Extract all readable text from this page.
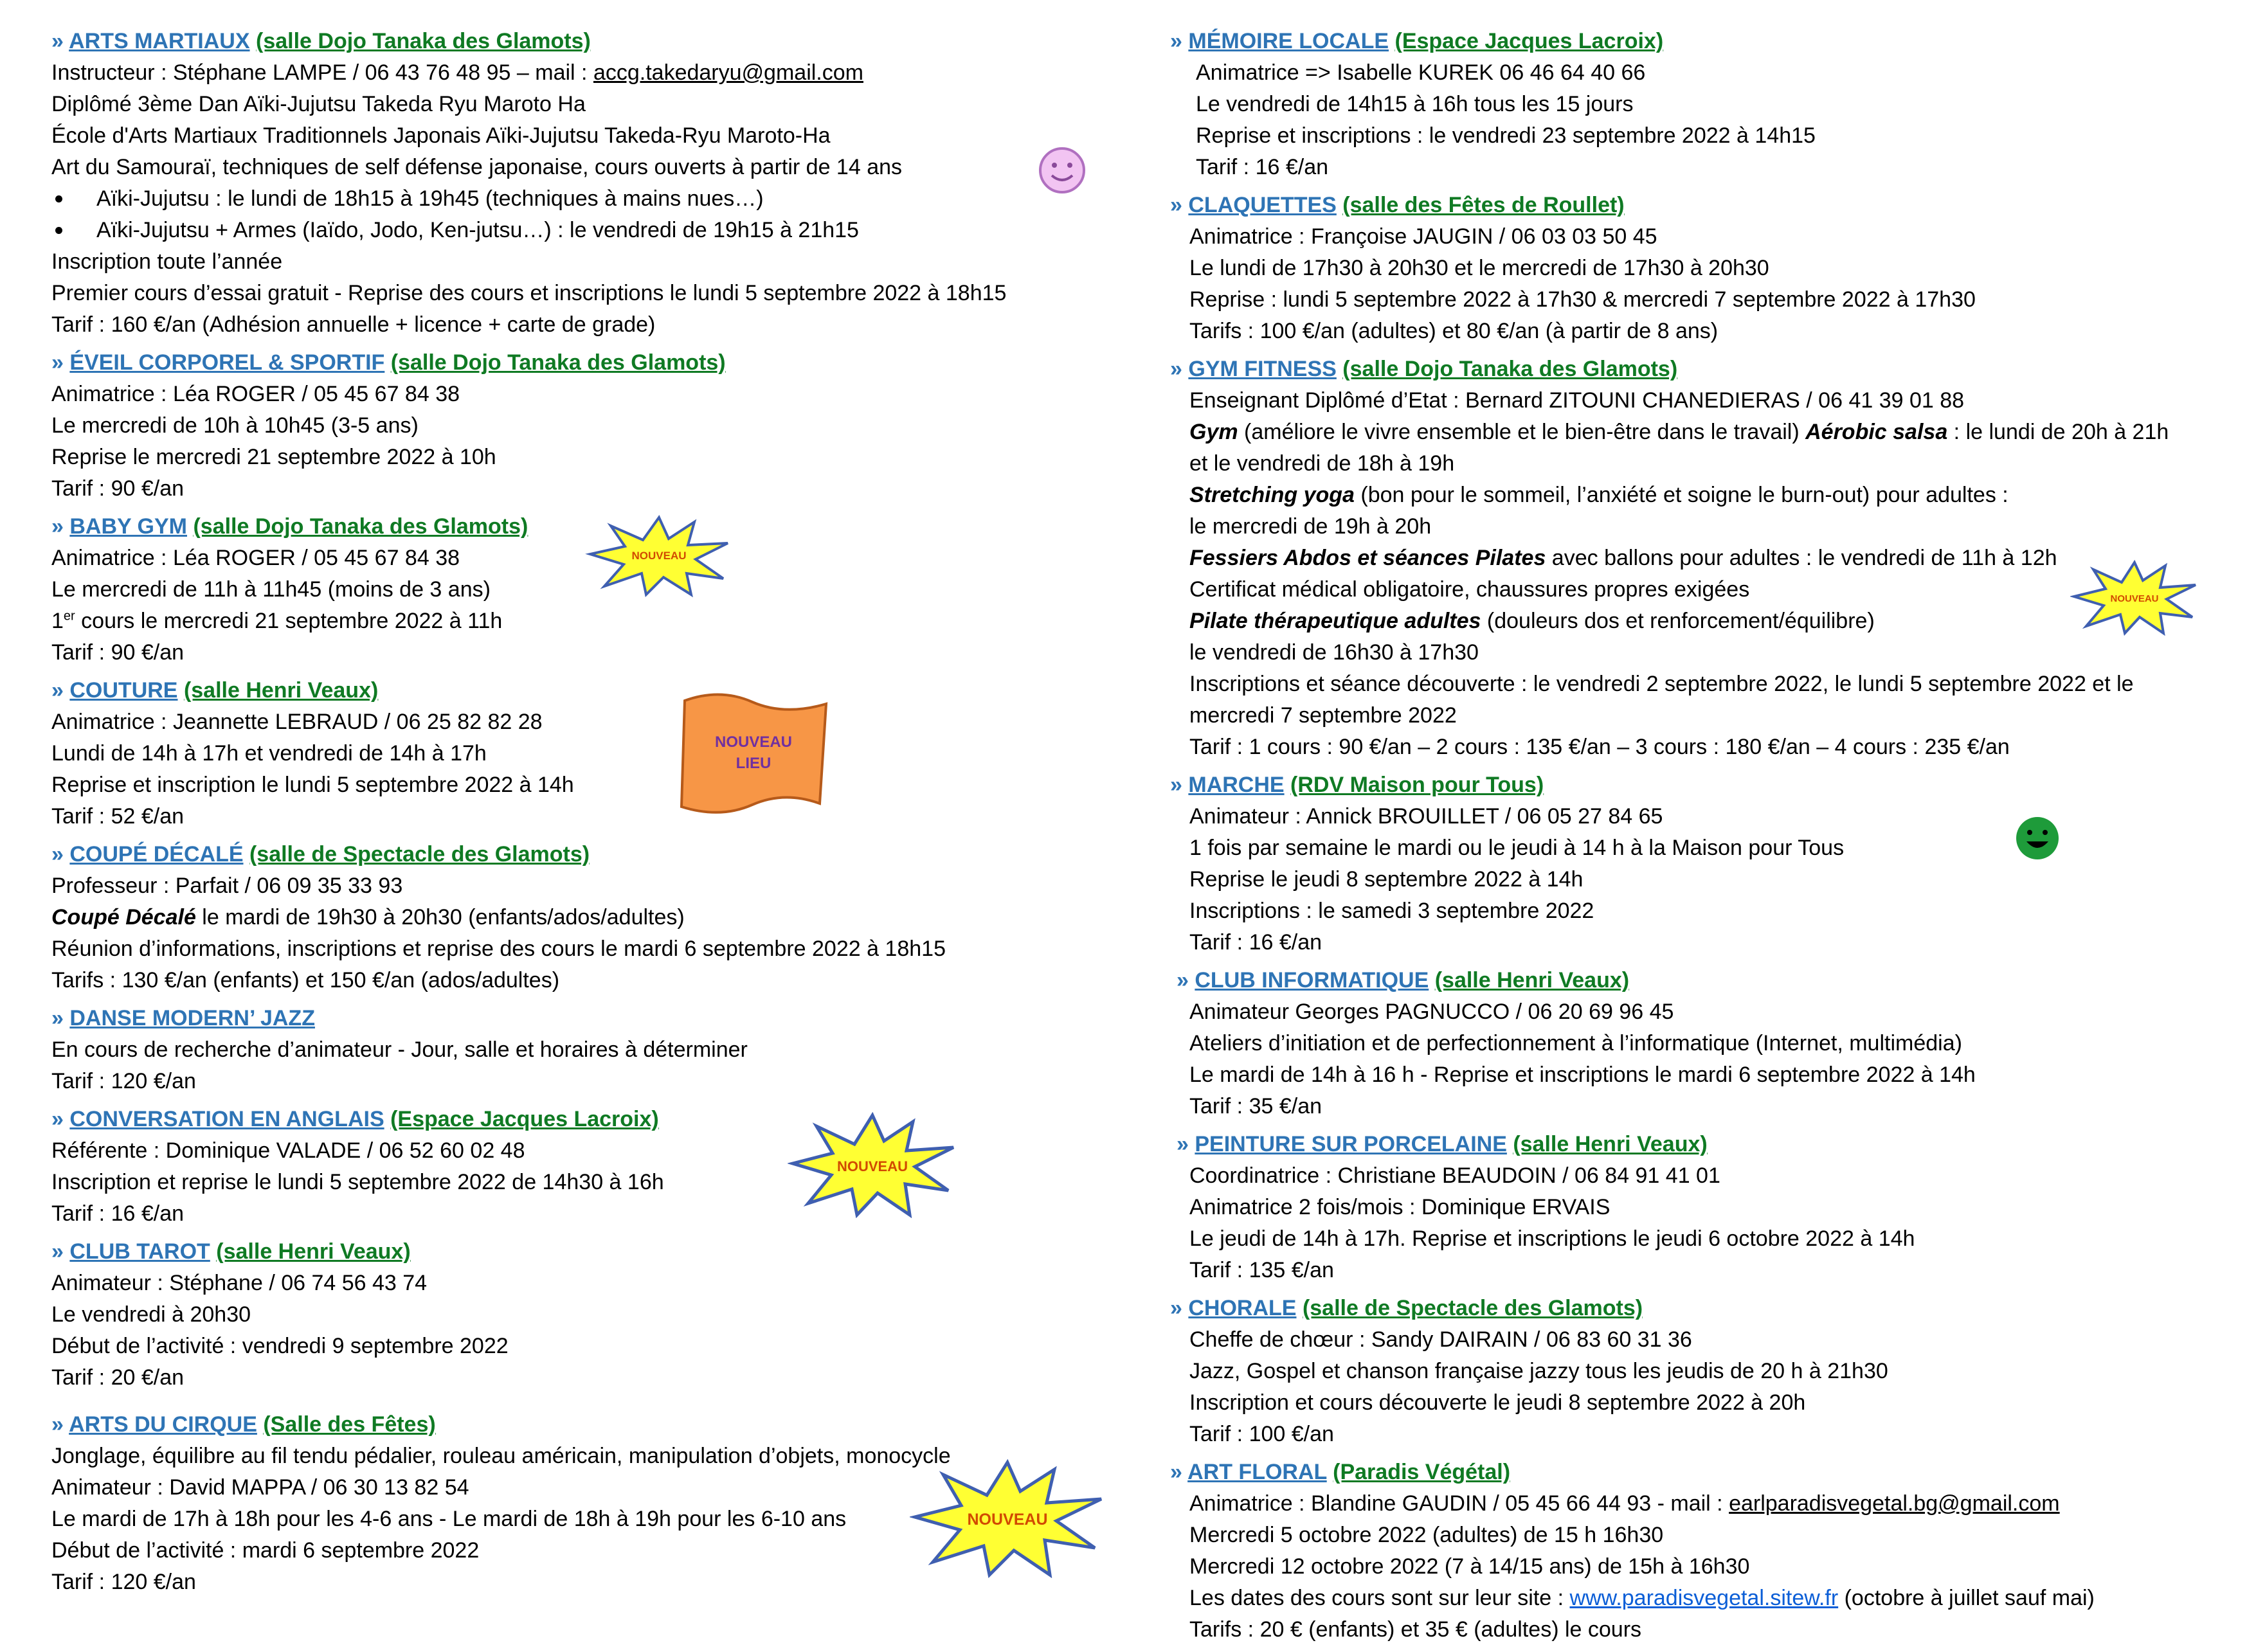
» ARTS MARTIAUX (salle Dojo Tanaka des Glamots)
Instructeur : Stéphane LAMPE / 06 43 76 48 95 – mail : accg.takedaryu@gmail.com
Diplômé 3ème Dan Aïki-Jujutsu Takeda Ryu Maroto Ha
École d'Arts Martiaux Traditionnels Japonais Aïki-Jujutsu Takeda-Ryu Maroto-Ha
Art du Samouraï, techniques de self défense japonaise, cours ouverts à partir de 14 ans
Aïki-Jujutsu : le lundi de 18h15 à 19h45 (techniques à mains nues…)
Aïki-Jujutsu + Armes (Iaïdo, Jodo, Ken-jutsu…) : le vendredi de 19h15 à 21h15
Inscription toute l’année
Premier cours d’essai gratuit - Reprise des cours et inscriptions le lundi 5 septembre 2022 à 18h15
Tarif : 160 €/an (Adhésion annuelle + licence + carte de grade)
» ÉVEIL CORPOREL & SPORTIF (salle Dojo Tanaka des Glamots)
Animatrice : Léa ROGER / 05 45 67 84 38
Le mercredi de 10h à 10h45 (3-5 ans)
Reprise le mercredi 21 septembre 2022 à 10h
Tarif : 90 €/an
» BABY GYM (salle Dojo Tanaka des Glamots)
Animatrice : Léa ROGER / 05 45 67 84 38
Le mercredi de 11h à 11h45 (moins de 3 ans)
1er cours le mercredi 21 septembre 2022 à 11h
Tarif : 90 €/an
» COUTURE (salle Henri Veaux)
Animatrice : Jeannette LEBRAUD / 06 25 82 82 28
Lundi de 14h à 17h et vendredi de 14h à 17h
Reprise et inscription le lundi 5 septembre 2022 à 14h
Tarif : 52 €/an
» COUPÉ DÉCALÉ (salle de Spectacle des Glamots)
Professeur : Parfait / 06 09 35 33 93
Coupé Décalé le mardi de 19h30 à 20h30 (enfants/ados/adultes)
Réunion d’informations, inscriptions et reprise des cours le mardi 6 septembre 2022 à 18h15
Tarifs : 130 €/an (enfants) et 150 €/an (ados/adultes)
» DANSE MODERN’ JAZZ
En cours de recherche d’animateur - Jour, salle et horaires à déterminer
Tarif : 120 €/an
» CONVERSATION EN ANGLAIS (Espace Jacques Lacroix)
Référente : Dominique VALADE / 06 52 60 02 48
Inscription et reprise le lundi 5 septembre 2022 de 14h30 à 16h
Tarif : 16 €/an
» CLUB TAROT (salle Henri Veaux)
Animateur : Stéphane / 06 74 56 43 74
Le vendredi à 20h30
Début de l’activité : vendredi 9 septembre 2022
Tarif : 20 €/an
» ARTS DU CIRQUE (Salle des Fêtes)
Jonglage, équilibre au fil tendu pédalier, rouleau américain, manipulation d’objets, monocycle
Animateur : David MAPPA / 06 30 13 82 54
Le mardi de 17h à 18h pour les 4-6 ans - Le mardi de 18h à 19h pour les 6-10 ans
Début de l’activité : mardi 6 septembre 2022
Tarif : 120 €/an
» MÉMOIRE LOCALE (Espace Jacques Lacroix)
Animatrice => Isabelle KUREK 06 46 64 40 66
Le vendredi de 14h15 à 16h tous les 15 jours
Reprise et inscriptions : le vendredi 23 septembre 2022 à 14h15
Tarif : 16 €/an
» CLAQUETTES (salle des Fêtes de Roullet)
Animatrice : Françoise JAUGIN / 06 03 03 50 45
Le lundi de 17h30 à 20h30 et le mercredi de 17h30 à 20h30
Reprise : lundi 5 septembre 2022 à 17h30 & mercredi 7 septembre 2022 à 17h30
Tarifs : 100 €/an (adultes) et 80 €/an (à partir de 8 ans)
» GYM FITNESS (salle Dojo Tanaka des Glamots)
Enseignant Diplômé d’Etat : Bernard ZITOUNI CHANEDIERAS / 06 41 39 01 88
Gym (améliore le vivre ensemble et le bien-être dans le travail) Aérobic salsa : le lundi de 20h à 21h
et le vendredi de 18h à 19h
Stretching yoga (bon pour le sommeil, l’anxiété et soigne le burn-out) pour adultes :
le mercredi de 19h à 20h
Fessiers Abdos et séances Pilates avec ballons pour adultes : le vendredi de 11h à 12h
Certificat médical obligatoire, chaussures propres exigées
Pilate thérapeutique adultes (douleurs dos et renforcement/équilibre)
le vendredi de 16h30 à 17h30
Inscriptions et séance découverte : le vendredi 2 septembre 2022, le lundi 5 septembre 2022 et le
mercredi 7 septembre 2022
Tarif : 1 cours : 90 €/an – 2 cours : 135 €/an – 3 cours : 180 €/an – 4 cours : 235 €/an
» MARCHE (RDV Maison pour Tous)
Animateur : Annick BROUILLET / 06 05 27 84 65
1 fois par semaine le mardi ou le jeudi à 14 h à la Maison pour Tous
Reprise le jeudi 8 septembre 2022 à 14h
Inscriptions : le samedi 3 septembre 2022
Tarif : 16 €/an
» CLUB INFORMATIQUE (salle Henri Veaux)
Animateur Georges PAGNUCCO / 06 20 69 96 45
Ateliers d’initiation et de perfectionnement à l’informatique (Internet, multimédia)
Le mardi de 14h à 16 h - Reprise et inscriptions le mardi 6 septembre 2022 à 14h
Tarif : 35 €/an
» PEINTURE SUR PORCELAINE (salle Henri Veaux)
Coordinatrice : Christiane BEAUDOIN / 06 84 91 41 01
Animatrice 2 fois/mois : Dominique ERVAIS
Le jeudi de 14h à 17h. Reprise et inscriptions le jeudi 6 octobre 2022 à 14h
Tarif : 135 €/an
» CHORALE (salle de Spectacle des Glamots)
Cheffe de chœur : Sandy DAIRAIN / 06 83 60 31 36
Jazz, Gospel et chanson française jazzy tous les jeudis de 20 h à 21h30
Inscription et cours découverte le jeudi 8 septembre 2022 à 20h
Tarif : 100 €/an
» ART FLORAL (Paradis Végétal)
Animatrice : Blandine GAUDIN / 05 45 66 44 93 - mail : earlparadisvegetal.bg@gmail.com
Mercredi 5 octobre 2022 (adultes) de 15 h 16h30
Mercredi 12 octobre 2022 (7 à 14/15 ans) de 15h à 16h30
Les dates des cours sont sur leur site : www.paradisvegetal.sitew.fr (octobre à juillet sauf mai)
Tarifs : 20 € (enfants) et 35 € (adultes) le cours
NOUVEAU
NOUVEAU
NOUVEAU
NOUVEAU
NOUVEAU
LIEU
